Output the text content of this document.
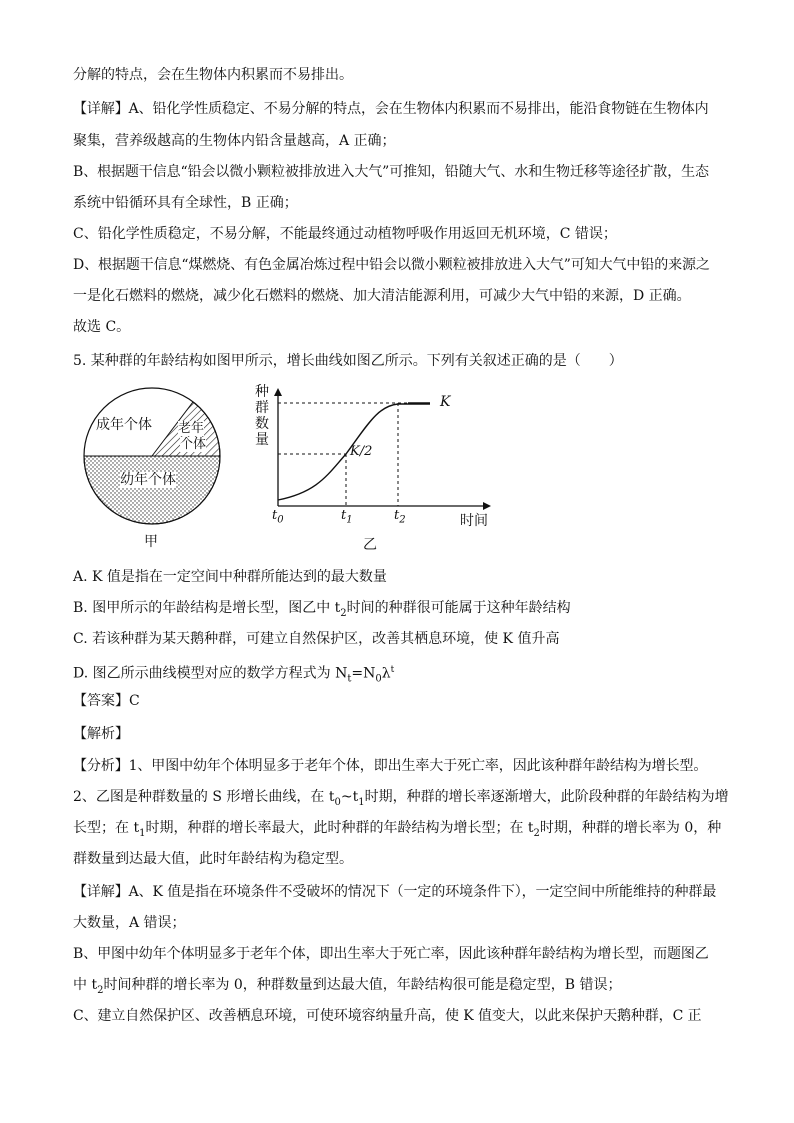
分解的特点，会在生物体内积累而不易排出。
【详解】A、铅化学性质稳定、不易分解的特点，会在生物体内积累而不易排出，能沿食物链在生物体内
聚集，营养级越高的生物体内铅含量越高，A 正确；
B、根据题干信息“铅会以微小颗粒被排放进入大气”可推知，铅随大气、水和生物迁移等途径扩散，生态
系统中铅循环具有全球性，B 正确；
C、铅化学性质稳定，不易分解，不能最终通过动植物呼吸作用返回无机环境，C 错误；
D、根据题干信息“煤燃烧、有色金属冶炼过程中铅会以微小颗粒被排放进入大气”可知大气中铅的来源之
一是化石燃料的燃烧，减少化石燃料的燃烧、加大清洁能源利用，可减少大气中铅的来源，D 正确。
故选 C。
5. 某种群的年龄结构如图甲所示，增长曲线如图乙所示。下列有关叙述正确的是（　　）
成年个体 老年
个体
幼年个体
甲
种
群
数
量
K
K/2
$t_0$	$t_1$	$t_2$	时间
乙
A. K 值是指在一定空间中种群所能达到的最大数量
B. 图甲所示的年龄结构是增长型，图乙中 $t_2$时间的种群很可能属于这种年龄结构
C. 若该种群为某天鹅种群，可建立自然保护区，改善其栖息环境，使 K 值升高
D. 图乙所示曲线模型对应的数学方程式为 $N_t=N_0\lambda^t$
【答案】C
【解析】
【分析】1、甲图中幼年个体明显多于老年个体，即出生率大于死亡率，因此该种群年龄结构为增长型。
2、乙图是种群数量的 S 形增长曲线，在 $t_0\sim t_1$时期，种群的增长率逐渐增大，此阶段种群的年龄结构为增
长型；在 $t_1$时期，种群的增长率最大，此时种群的年龄结构为增长型；在 $t_2$时期，种群的增长率为 0，种
群数量到达最大值，此时年龄结构为稳定型。
【详解】A、K 值是指在环境条件不受破坏的情况下（一定的环境条件下），一定空间中所能维持的种群最
大数量，A 错误；
B、甲图中幼年个体明显多于老年个体，即出生率大于死亡率，因此该种群年龄结构为增长型，而题图乙
中 $t_2$时间种群的增长率为 0，种群数量到达最大值，年龄结构很可能是稳定型，B 错误；
C、建立自然保护区、改善栖息环境，可使环境容纳量升高，使 K 值变大，以此来保护天鹅种群，C 正
